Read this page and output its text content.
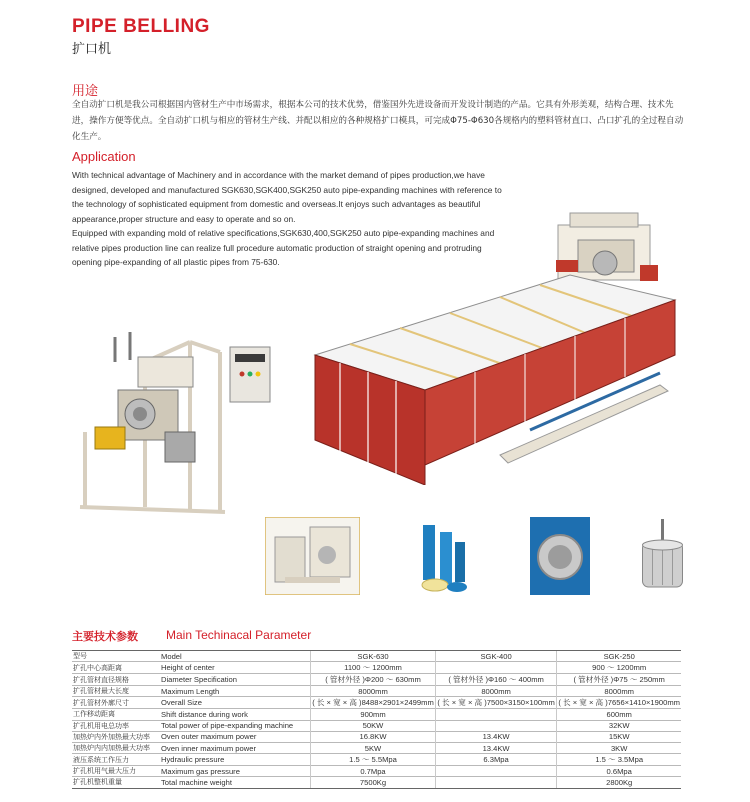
PIPE BELLING
扩口机
用途
全自动扩口机是我公司根据国内管材生产中市场需求，根据本公司的技术优势，借鉴国外先进设备而开发设计制造的产品。它具有外形美观，结构合理、技术先进，操作方便等优点。全自动扩口机与相应的管材生产线、并配以相应的各种规格扩口模具，可完成Φ75-Φ630各规格内的塑料管材直口、凸口扩孔的全过程自动化生产。
Application
With technical advantage of Machinery and in accordance with the market demand of pipes production,we have designed, developed and manufactured SGK630,SGK400,SGK250 auto pipe-expanding machines with reference to the technology of sophisticated equipment from domestic and overseas.It enjoys such advantages as beautiful appearance,proper structure and easy to operate and so on.
Equipped with expanding mold of relative specifications,SGK630,400,SGK250 auto pipe-expanding machines and relative pipes production line can realize full procedure automatic production of straight opening and protruding opening pipe-expanding of all plastic pipes from 75-630.
主要技术参数 Main Techinacal Parameter
型号	Model	SGK-630	SGK-400	SGK-250
扩孔中心高距离	Height of center	1100 ～ 1200mm		900 ～ 1200mm
扩孔管材直径规格	Diameter Specification	( 管材外径 )Φ200 ～ 630mm	( 管材外径 )Φ160 ～ 400mm	( 管材外径 )Φ75 ～ 250mm
扩孔管材最大长度	Maximum Length	8000mm	8000mm	8000mm
扩孔管材外廓尺寸	Overall Size	( 长 × 宽 × 高 )8488×2901×2499mm	( 长 × 宽 × 高 )7500×3150×100mm	( 长 × 宽 × 高 )7656×1410×1900mm
工作移动距离	Shift distance during work	900mm		600mm
扩孔机用电总功率	Total power of pipe-expanding machine	50KW		32KW
加热炉内外加热最大功率	Oven outer maximum power	16.8KW	13.4KW	15KW
加热炉内内加热最大功率	Oven inner maximum power	5KW	13.4KW	3KW
液压系统工作压力	Hydraulic pressure	1.5 ～ 5.5Mpa	6.3Mpa	1.5 ～ 3.5Mpa
扩孔机用气最大压力	Maximum gas pressure	0.7Mpa		0.6Mpa
扩孔机整机重量	Total machine weight	7500Kg		2800Kg
